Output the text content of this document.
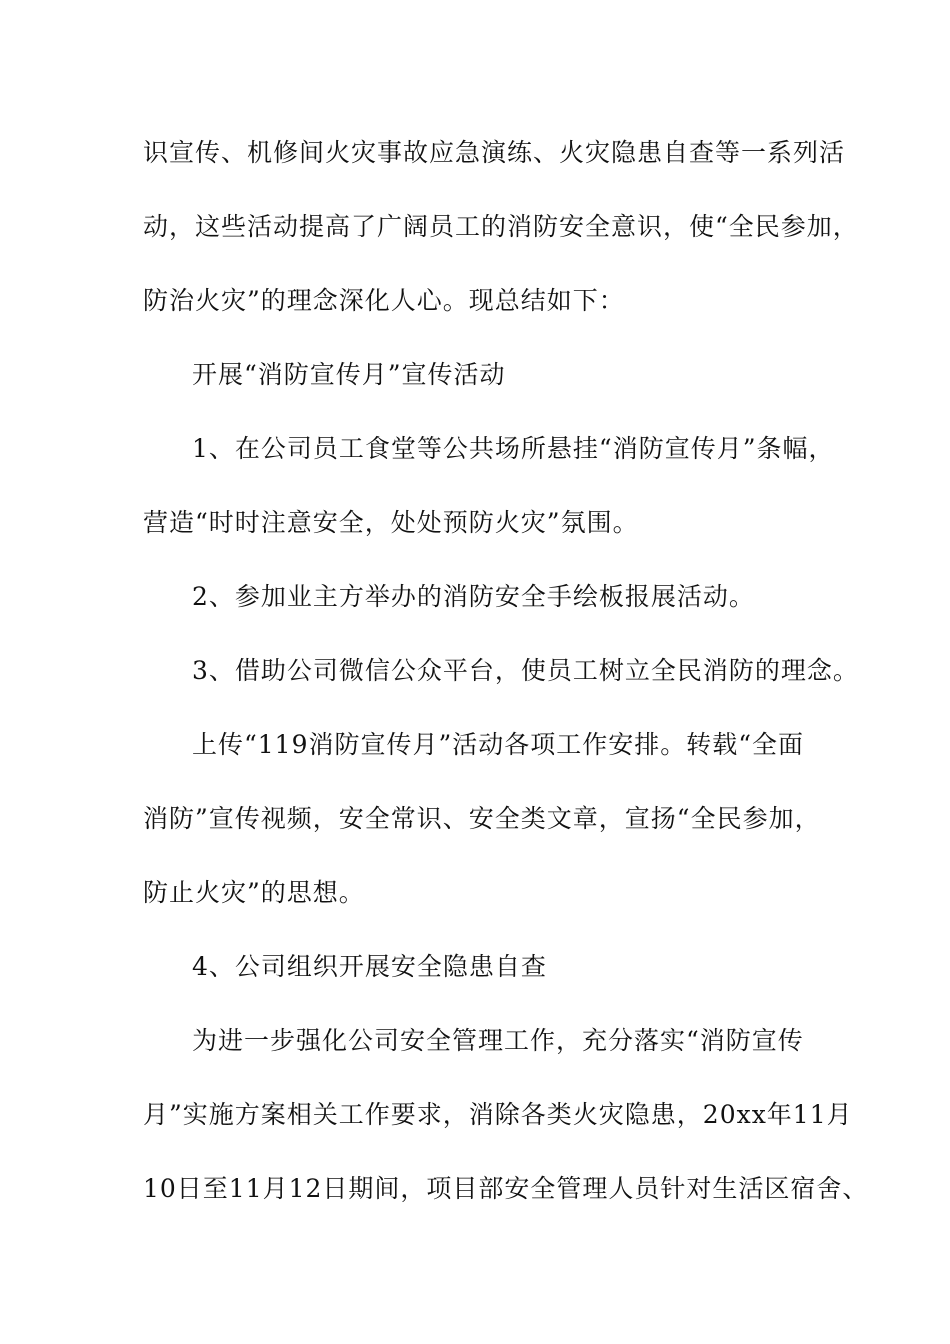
识宣传、机修间火灾事故应急演练、火灾隐患自查等一系列活

动，这些活动提高了广阔员工的消防安全意识，使“全民参加，

防治火灾”的理念深化人心。现总结如下：

开展“消防宣传月”宣传活动

1、在公司员工食堂等公共场所悬挂“消防宣传月”条幅，

营造“时时注意安全，处处预防火灾”氛围。

2、参加业主方举办的消防安全手绘板报展活动。

3、借助公司微信公众平台，使员工树立全民消防的理念。

上传“119消防宣传月”活动各项工作安排。转载“全面

消防”宣传视频，安全常识、安全类文章，宣扬“全民参加，

防止火灾”的思想。

4、公司组织开展安全隐患自查

为进一步强化公司安全管理工作，充分落实“消防宣传

月”实施方案相关工作要求，消除各类火灾隐患，20xx年11月

10日至11月12日期间，项目部安全管理人员针对生活区宿舍、
